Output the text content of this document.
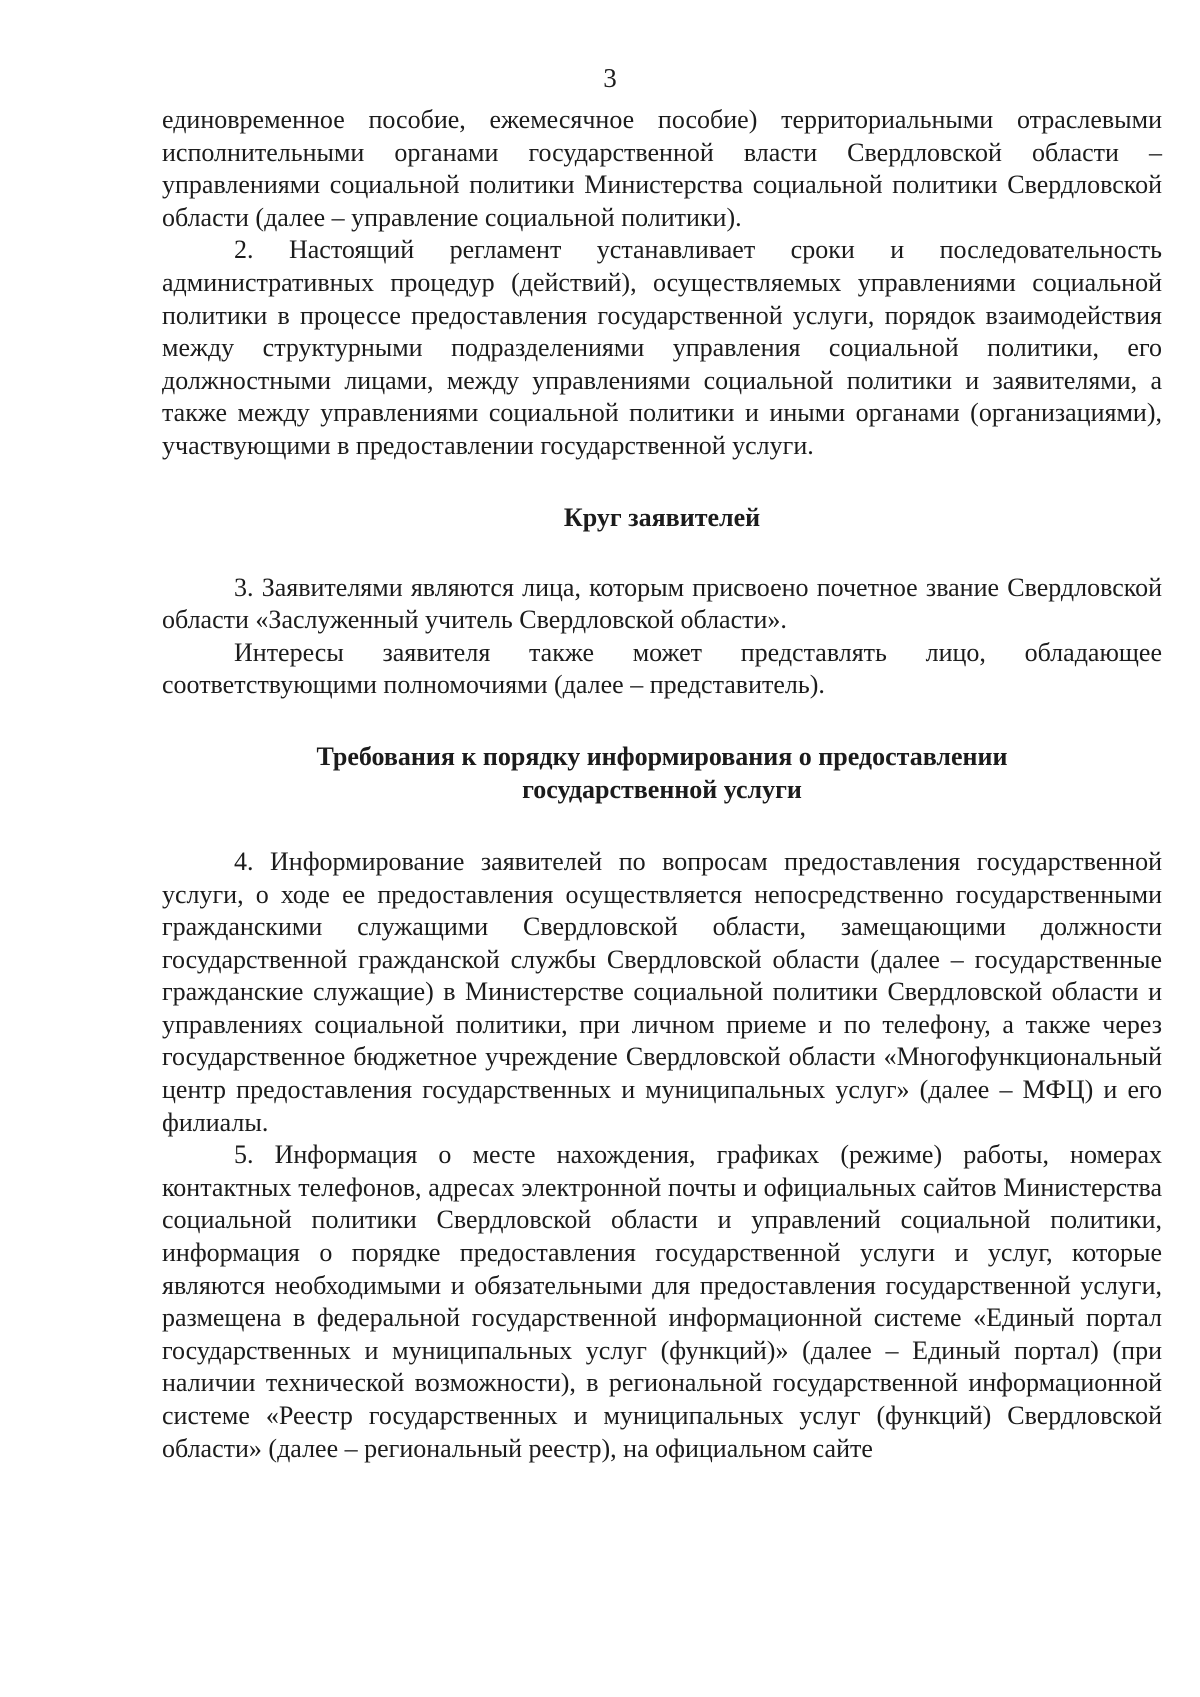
3

единовременное пособие, ежемесячное пособие) территориальными отраслевыми исполнительными органами государственной власти Свердловской области – управлениями социальной политики Министерства социальной политики Свердловской области (далее – управление социальной политики).

2. Настоящий регламент устанавливает сроки и последовательность административных процедур (действий), осуществляемых управлениями социальной политики в процессе предоставления государственной услуги, порядок взаимодействия между структурными подразделениями управления социальной политики, его должностными лицами, между управлениями социальной политики и заявителями, а также между управлениями социальной политики и иными органами (организациями), участвующими в предоставлении государственной услуги.

Круг заявителей

3. Заявителями являются лица, которым присвоено почетное звание Свердловской области «Заслуженный учитель Свердловской области».

Интересы заявителя также может представлять лицо, обладающее соответствующими полномочиями (далее – представитель).

Требования к порядку информирования о предоставлении
государственной услуги

4. Информирование заявителей по вопросам предоставления государственной услуги, о ходе ее предоставления осуществляется непосредственно государственными гражданскими служащими Свердловской области, замещающими должности государственной гражданской службы Свердловской области (далее – государственные гражданские служащие) в Министерстве социальной политики Свердловской области и управлениях социальной политики, при личном приеме и по телефону, а также через государственное бюджетное учреждение Свердловской области «Многофункциональный центр предоставления государственных и муниципальных услуг» (далее – МФЦ) и его филиалы.

5. Информация о месте нахождения, графиках (режиме) работы, номерах контактных телефонов, адресах электронной почты и официальных сайтов Министерства социальной политики Свердловской области и управлений социальной политики, информация о порядке предоставления государственной услуги и услуг, которые являются необходимыми и обязательными для предоставления государственной услуги, размещена в федеральной государственной информационной системе «Единый портал государственных и муниципальных услуг (функций)» (далее – Единый портал) (при наличии технической возможности), в региональной государственной информационной системе «Реестр государственных и муниципальных услуг (функций) Свердловской области» (далее – региональный реестр), на официальном сайте
